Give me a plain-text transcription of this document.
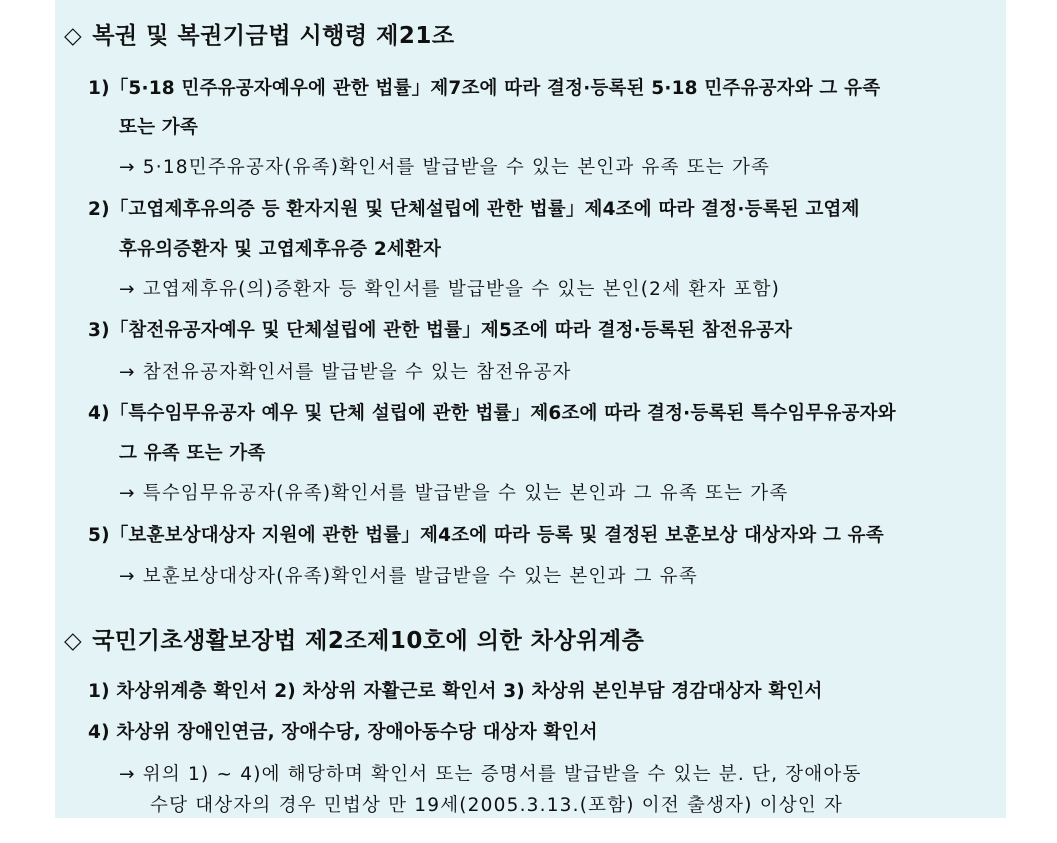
◇ 복권 및 복권기금법 시행령 제21조
1)「5·18 민주유공자예우에 관한 법률」제7조에 따라 결정·등록된 5·18 민주유공자와 그 유족
또는 가족
→ 5·18민주유공자(유족)확인서를 발급받을 수 있는 본인과 유족 또는 가족
2)「고엽제후유의증 등 환자지원 및 단체설립에 관한 법률」제4조에 따라 결정·등록된 고엽제
후유의증환자 및 고엽제후유증 2세환자
→ 고엽제후유(의)증환자 등 확인서를 발급받을 수 있는 본인(2세 환자 포함)
3)「참전유공자예우 및 단체설립에 관한 법률」제5조에 따라 결정·등록된 참전유공자
→ 참전유공자확인서를 발급받을 수 있는 참전유공자
4)「특수임무유공자 예우 및 단체 설립에 관한 법률」제6조에 따라 결정·등록된 특수임무유공자와
그 유족 또는 가족
→ 특수임무유공자(유족)확인서를 발급받을 수 있는 본인과 그 유족 또는 가족
5)「보훈보상대상자 지원에 관한 법률」제4조에 따라 등록 및 결정된 보훈보상 대상자와 그 유족
→ 보훈보상대상자(유족)확인서를 발급받을 수 있는 본인과 그 유족
◇ 국민기초생활보장법 제2조제10호에 의한 차상위계층
1) 차상위계층 확인서 2) 차상위 자활근로 확인서 3) 차상위 본인부담 경감대상자 확인서
4) 차상위 장애인연금, 장애수당, 장애아동수당 대상자 확인서
→ 위의 1) ~ 4)에 해당하며 확인서 또는 증명서를 발급받을 수 있는 분. 단, 장애아동
수당 대상자의 경우 민법상 만 19세(2005.3.13.(포함) 이전 출생자) 이상인 자
